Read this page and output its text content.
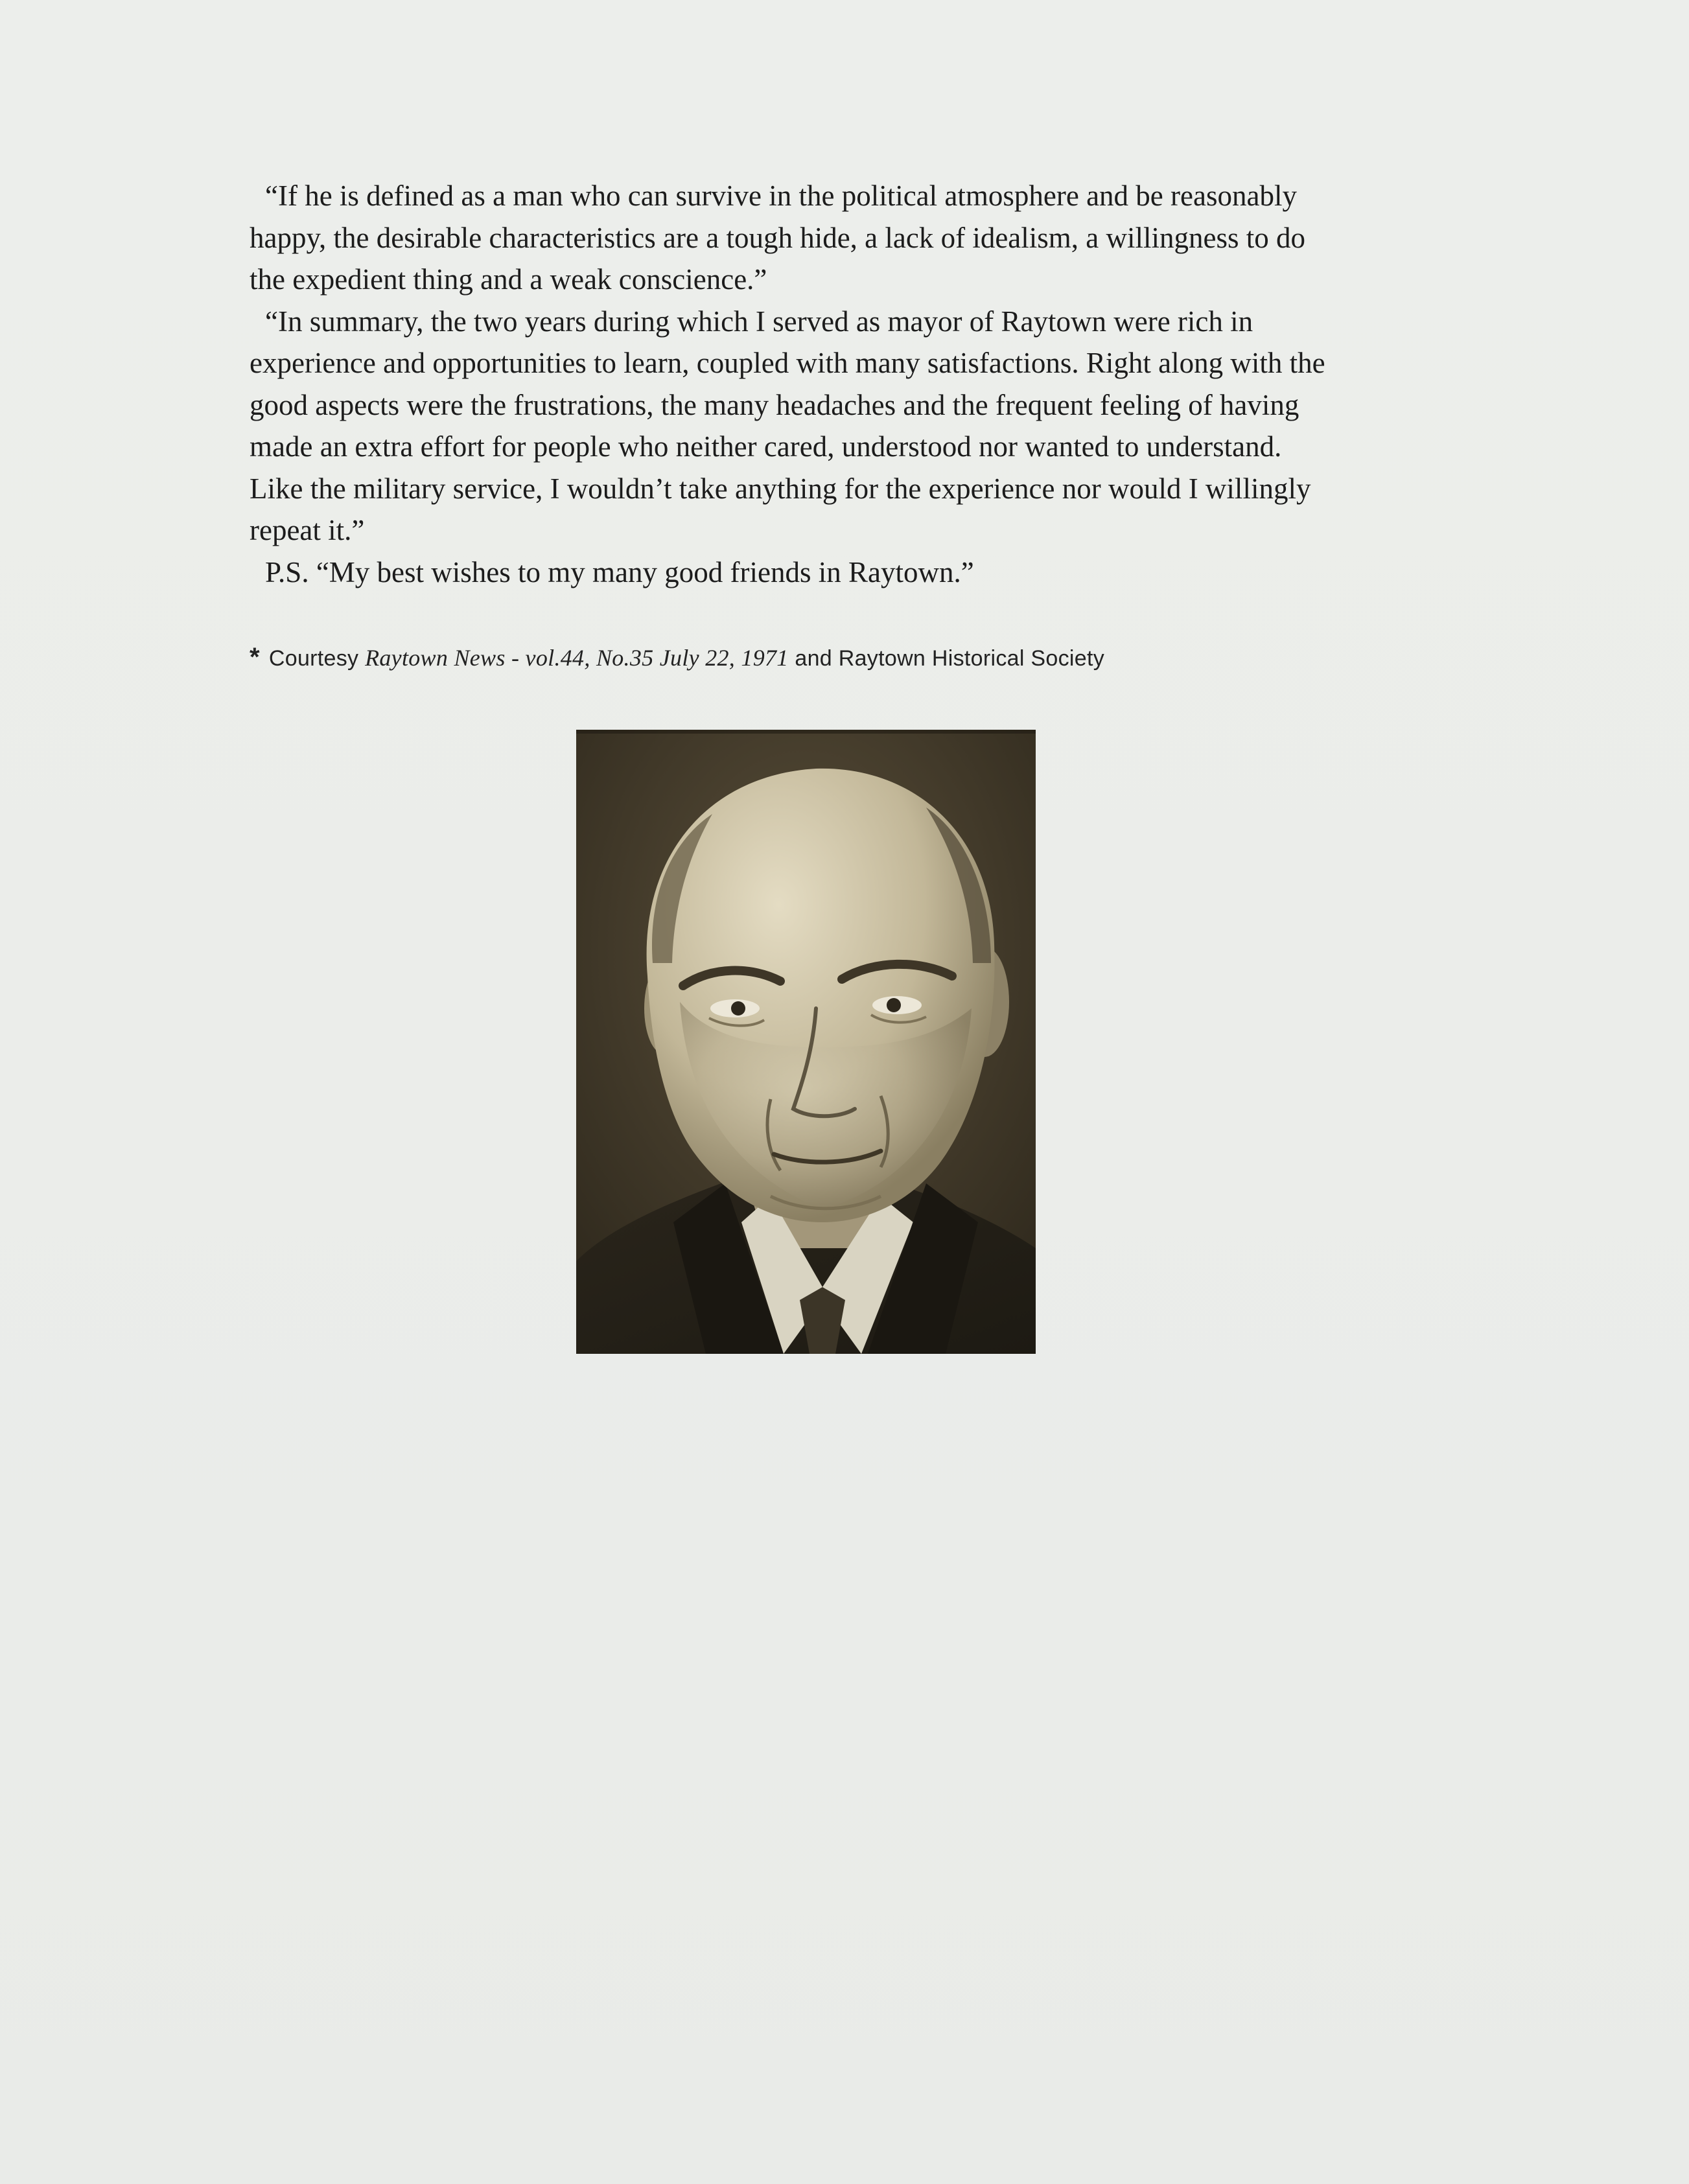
“If he is defined as a man who can survive in the political atmosphere and be reasonably
happy, the desirable characteristics are a tough hide, a lack of idealism, a willingness to do
the expedient thing and a weak conscience.”

“In summary, the two years during which I served as mayor of Raytown were rich in
experience and opportunities to learn, coupled with many satisfactions. Right along with the
good aspects were the frustrations, the many headaches and the frequent feeling of having
made an extra effort for people who neither cared, understood nor wanted to understand.
Like the military service, I wouldn’t take anything for the experience nor would I willingly
repeat it.”

P.S. “My best wishes to my many good friends in Raytown.”

* Courtesy Raytown News - vol.44, No.35 July 22, 1971 and Raytown Historical Society
